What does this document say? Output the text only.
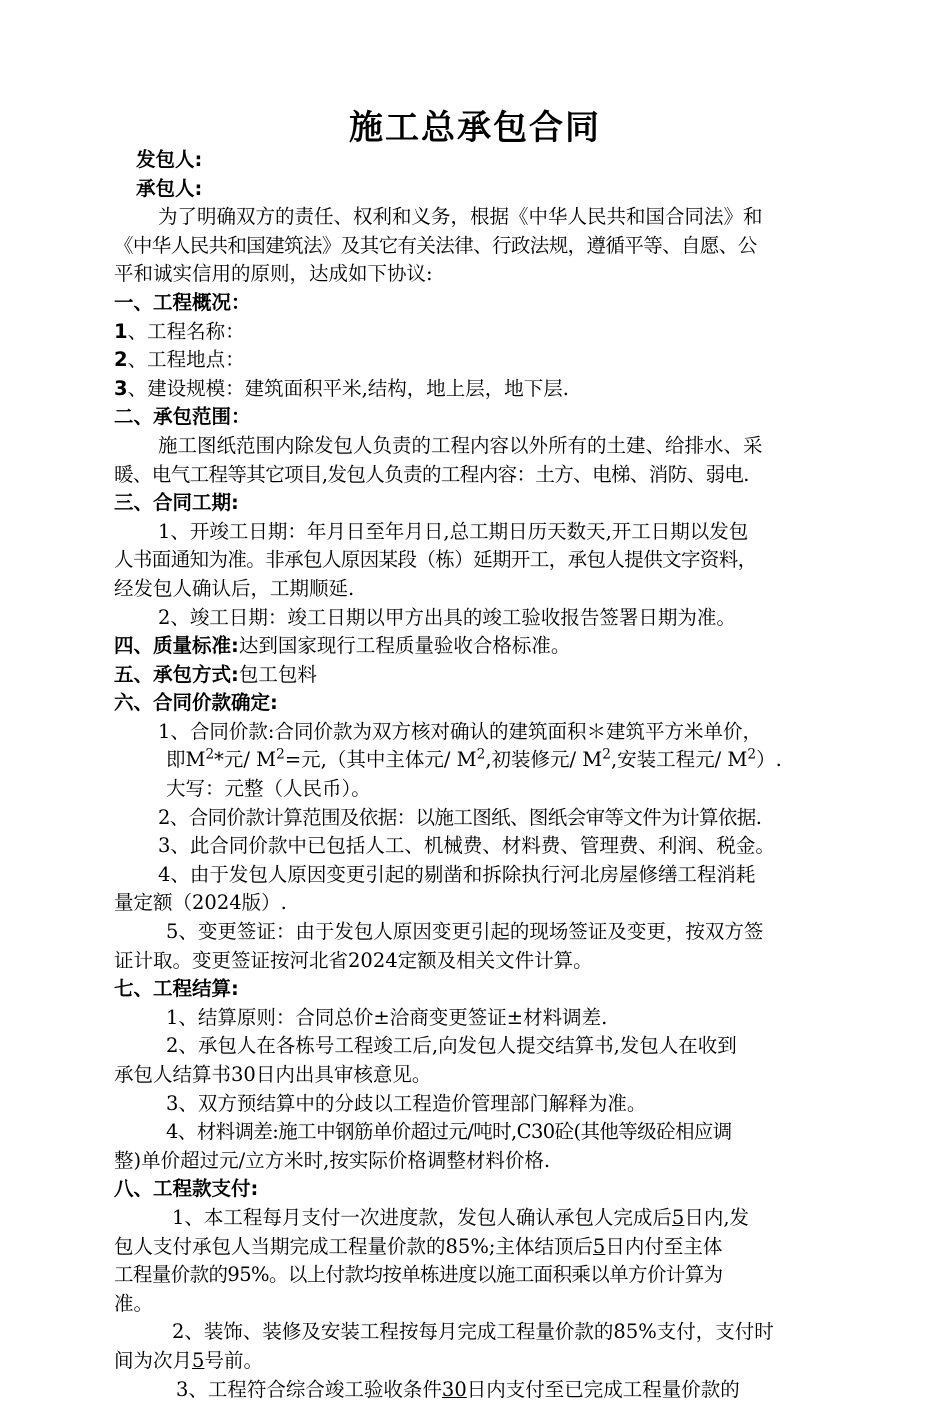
施工总承包合同
发包人:
承包人:
为了明确双方的责任、权利和义务，根据《中华人民共和国合同法》和
《中华人民共和国建筑法》及其它有关法律、行政法规，遵循平等、自愿、公
平和诚实信用的原则，达成如下协议:
一、工程概况：
1、工程名称：
2、工程地点：
3、建设规模：建筑面积平米,结构，地上层，地下层.
二、承包范围：
施工图纸范围内除发包人负责的工程内容以外所有的土建、给排水、采
暖、电气工程等其它项目,发包人负责的工程内容：土方、电梯、消防、弱电.
三、合同工期:
1、开竣工日期：年月日至年月日,总工期日历天数天,开工日期以发包
人书面通知为准。非承包人原因某段（栋）延期开工，承包人提供文字资料，
经发包人确认后，工期顺延.
2、竣工日期：竣工日期以甲方出具的竣工验收报告签署日期为准。
四、质量标准:达到国家现行工程质量验收合格标准。
五、承包方式:包工包料
六、合同价款确定:
1、合同价款:合同价款为双方核对确认的建筑面积＊建筑平方米单价，
即$M^2*$元/ $M^2=$元,（其中主体元/ $M^2$,初装修元/ $M^2$,安装工程元/ $M^2$）.
大写：元整（人民币）。
2、合同价款计算范围及依据：以施工图纸、图纸会审等文件为计算依据.
3、此合同价款中已包括人工、机械费、材料费、管理费、利润、税金。
4、由于发包人原因变更引起的剔凿和拆除执行河北房屋修缮工程消耗
量定额（2024版）.
5、变更签证：由于发包人原因变更引起的现场签证及变更，按双方签
证计取。变更签证按河北省2024定额及相关文件计算。
七、工程结算:
1、结算原则：合同总价±洽商变更签证±材料调差.
2、承包人在各栋号工程竣工后,向发包人提交结算书,发包人在收到
承包人结算书30日内出具审核意见。
3、双方预结算中的分歧以工程造价管理部门解释为准。
4、材料调差:施工中钢筋单价超过元/吨时,C30砼(其他等级砼相应调
整)单价超过元/立方米时,按实际价格调整材料价格.
八、工程款支付:
1、本工程每月支付一次进度款，发包人确认承包人完成后5日内,发
包人支付承包人当期完成工程量价款的85%;主体结顶后5日内付至主体
工程量价款的95%。以上付款均按单栋进度以施工面积乘以单方价计算为
准。
2、装饰、装修及安装工程按每月完成工程量价款的85%支付，支付时
间为次月5号前。
3、工程符合综合竣工验收条件30日内支付至已完成工程量价款的
